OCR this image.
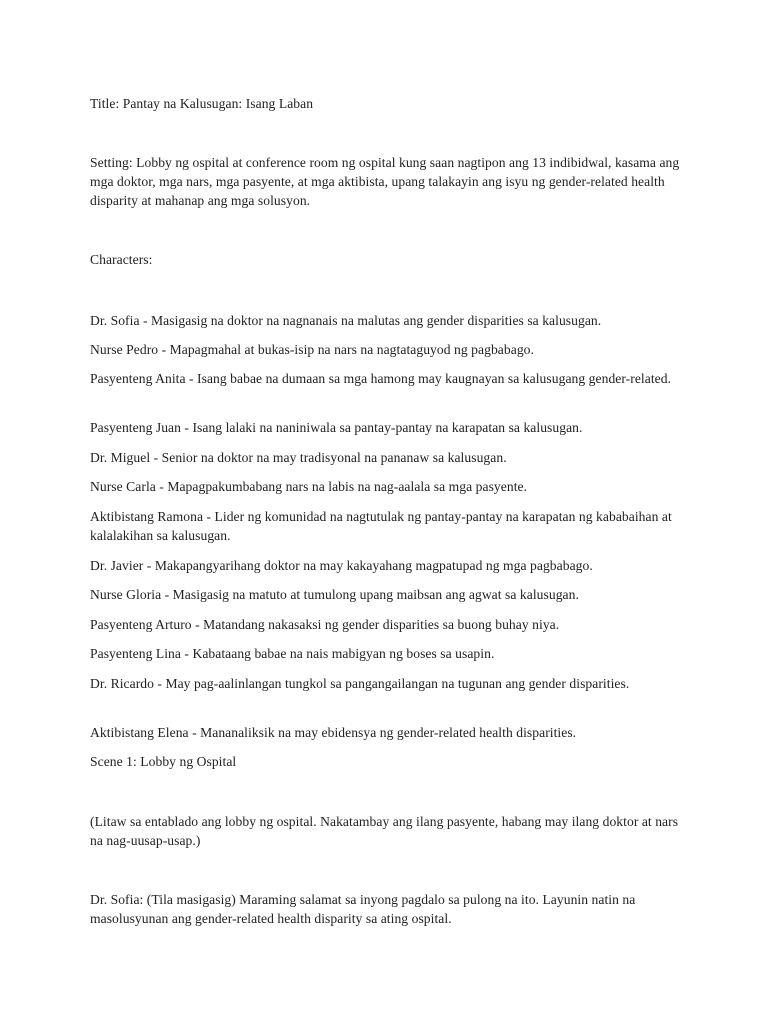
Title: Pantay na Kalusugan: Isang Laban
Setting: Lobby ng ospital at conference room ng ospital kung saan nagtipon ang 13 indibidwal, kasama ang mga doktor, mga nars, mga pasyente, at mga aktibista, upang talakayin ang isyu ng gender-related health disparity at mahanap ang mga solusyon.
Characters:
Dr. Sofia - Masigasig na doktor na nagnanais na malutas ang gender disparities sa kalusugan.
Nurse Pedro - Mapagmahal at bukas-isip na nars na nagtataguyod ng pagbabago.
Pasyenteng Anita - Isang babae na dumaan sa mga hamong may kaugnayan sa kalusugang gender-related.
Pasyenteng Juan - Isang lalaki na naniniwala sa pantay-pantay na karapatan sa kalusugan.
Dr. Miguel - Senior na doktor na may tradisyonal na pananaw sa kalusugan.
Nurse Carla - Mapagpakumbabang nars na labis na nag-aalala sa mga pasyente.
Aktibistang Ramona - Lider ng komunidad na nagtutulak ng pantay-pantay na karapatan ng kababaihan at kalalakihan sa kalusugan.
Dr. Javier - Makapangyarihang doktor na may kakayahang magpatupad ng mga pagbabago.
Nurse Gloria - Masigasig na matuto at tumulong upang maibsan ang agwat sa kalusugan.
Pasyenteng Arturo - Matandang nakasaksi ng gender disparities sa buong buhay niya.
Pasyenteng Lina - Kabataang babae na nais mabigyan ng boses sa usapin.
Dr. Ricardo - May pag-aalinlangan tungkol sa pangangailangan na tugunan ang gender disparities.
Aktibistang Elena - Mananaliksik na may ebidensya ng gender-related health disparities.
Scene 1: Lobby ng Ospital
(Litaw sa entablado ang lobby ng ospital. Nakatambay ang ilang pasyente, habang may ilang doktor at nars na nag-uusap-usap.)
Dr. Sofia: (Tila masigasig) Maraming salamat sa inyong pagdalo sa pulong na ito. Layunin natin na masolusyunan ang gender-related health disparity sa ating ospital.
